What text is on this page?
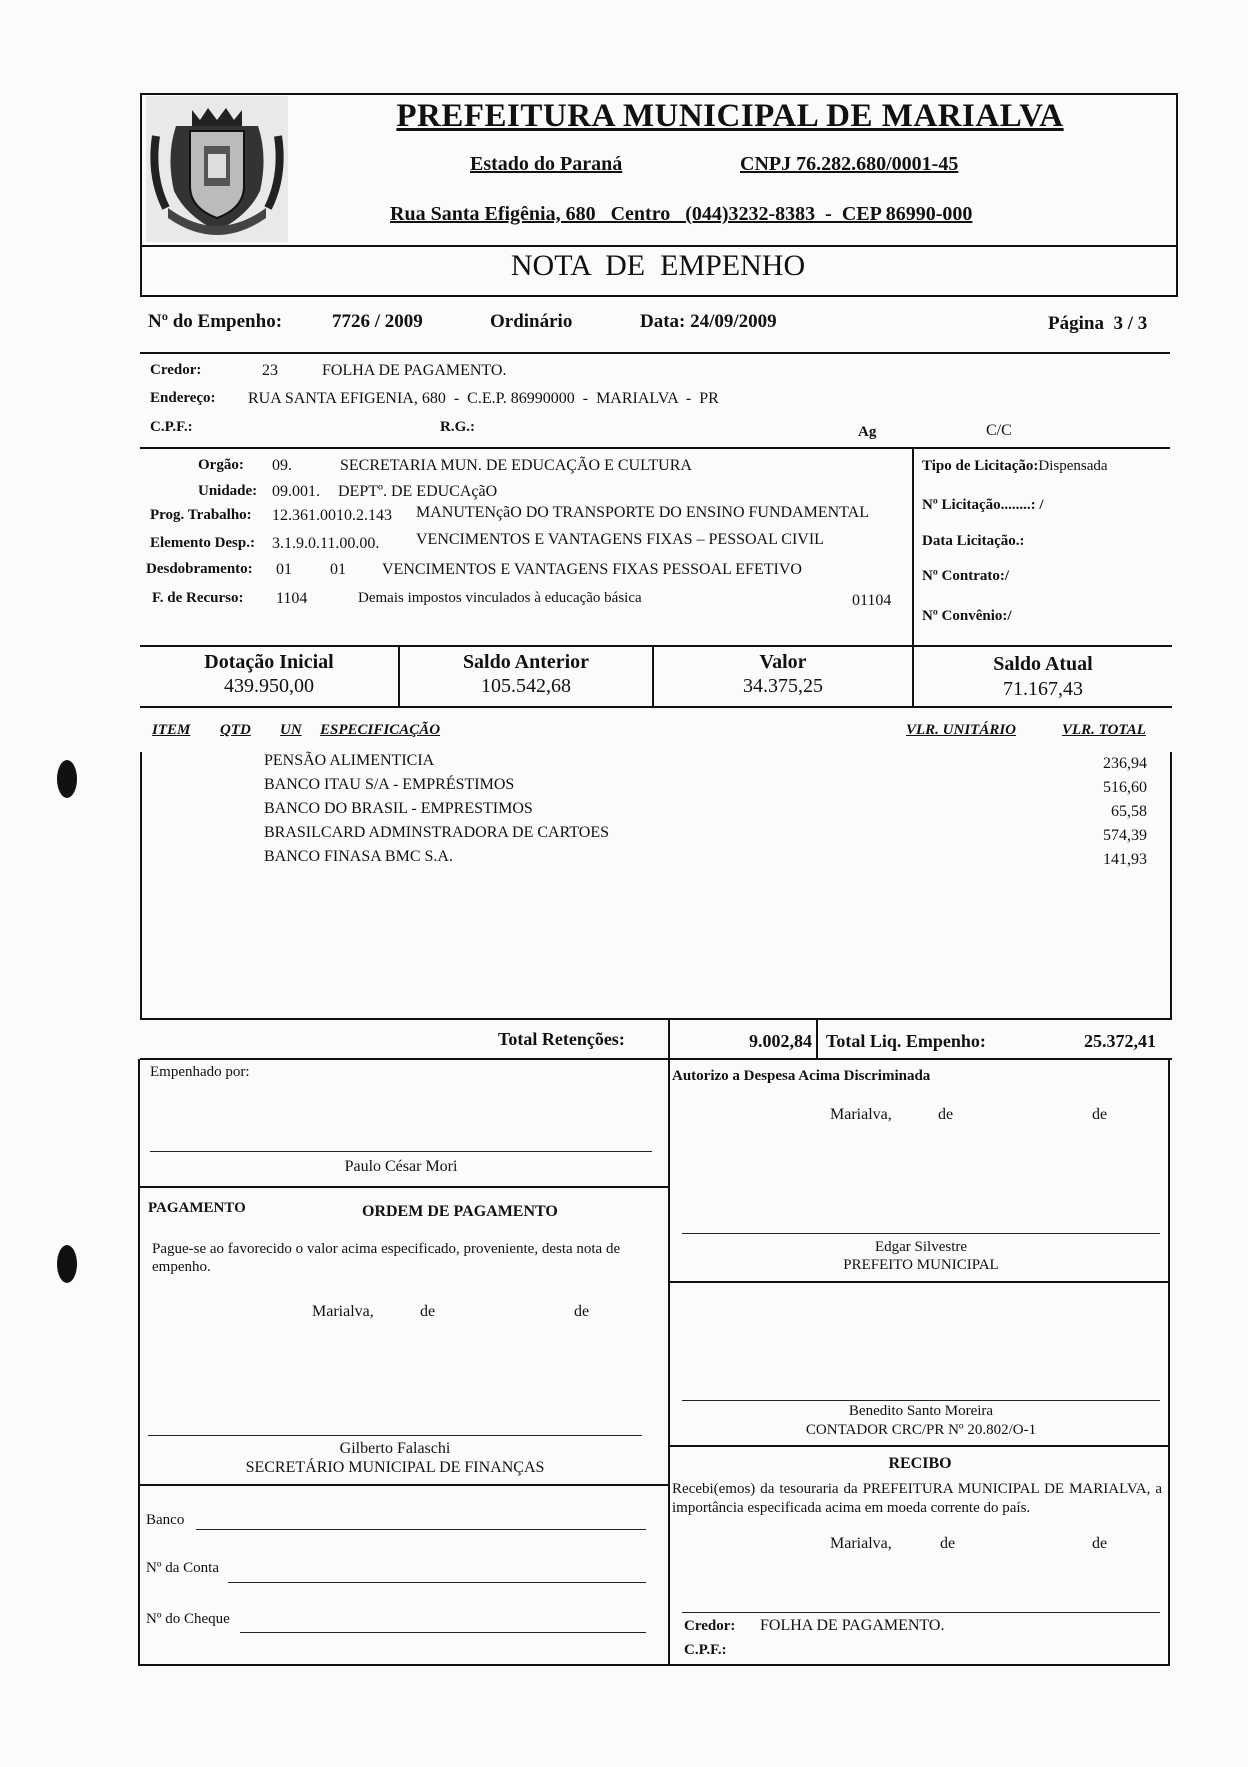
PREFEITURA MUNICIPAL DE MARIALVA
Estado do Paraná	CNPJ 76.282.680/0001-45
Rua Santa Efigênia, 680   Centro   (044)3232-8383  -  CEP 86990-000
NOTA  DE  EMPENHO
Nº do Empenho:	7726 / 2009	Ordinário	Data: 24/09/2009	Página  3 / 3
Credor:	23	FOLHA DE PAGAMENTO.
Endereço: RUA SANTA EFIGENIA, 680  -  C.E.P. 86990000  -  MARIALVA  -  PR
C.P.F.:	R.G.:	Ag	C/C
Orgão: 09.	SECRETARIA MUN. DE EDUCAÇÃO E CULTURA
Unidade: 09.001. DEPTº. DE EDUCAçãO
Prog. Trabalho: 12.361.0010.2.143 MANUTENçãO DO TRANSPORTE DO ENSINO FUNDAMENTAL
Elemento Desp.: 3.1.9.0.11.00.00. VENCIMENTOS E VANTAGENS FIXAS – PESSOAL CIVIL
Desdobramento: 01 01 VENCIMENTOS E VANTAGENS FIXAS PESSOAL EFETIVO
F. de Recurso: 1104	Demais impostos vinculados à educação básica	01104
Tipo de Licitação:Dispensada
Nº Licitação........: /
Data Licitação.:
Nº Contrato:/
Nº Convênio:/
Dotação Inicial
439.950,00
Saldo Anterior
105.542,68
Valor
34.375,25
Saldo Atual
71.167,43
ITEM QTD UN ESPECIFICAÇÃO	VLR. UNITÁRIO	VLR. TOTAL
PENSÃO ALIMENTICIA	236,94
BANCO ITAU S/A - EMPRÉSTIMOS	516,60
BANCO DO BRASIL - EMPRESTIMOS	65,58
BRASILCARD ADMINSTRADORA DE CARTOES	574,39
BANCO FINASA BMC S.A.	141,93
Total Retenções:	9.002,84 Total Liq. Empenho:	25.372,41
Empenhado por:
Paulo César Mori
Autorizo a Despesa Acima Discriminada
Marialva,	de	de
Edgar Silvestre
PREFEITO MUNICIPAL
PAGAMENTO	ORDEM DE PAGAMENTO
Pague-se ao favorecido o valor acima especificado, proveniente, desta nota de empenho.
Marialva,	de	de
Gilberto Falaschi
SECRETÁRIO MUNICIPAL DE FINANÇAS
Benedito Santo Moreira
CONTADOR CRC/PR Nº 20.802/O-1
RECIBO
Recebi(emos) da tesouraria da PREFEITURA MUNICIPAL DE MARIALVA, a importância especificada acima em moeda corrente do país.
Marialva,	de	de
Credor: FOLHA DE PAGAMENTO.
C.P.F.:
Banco
Nº da Conta
Nº do Cheque
